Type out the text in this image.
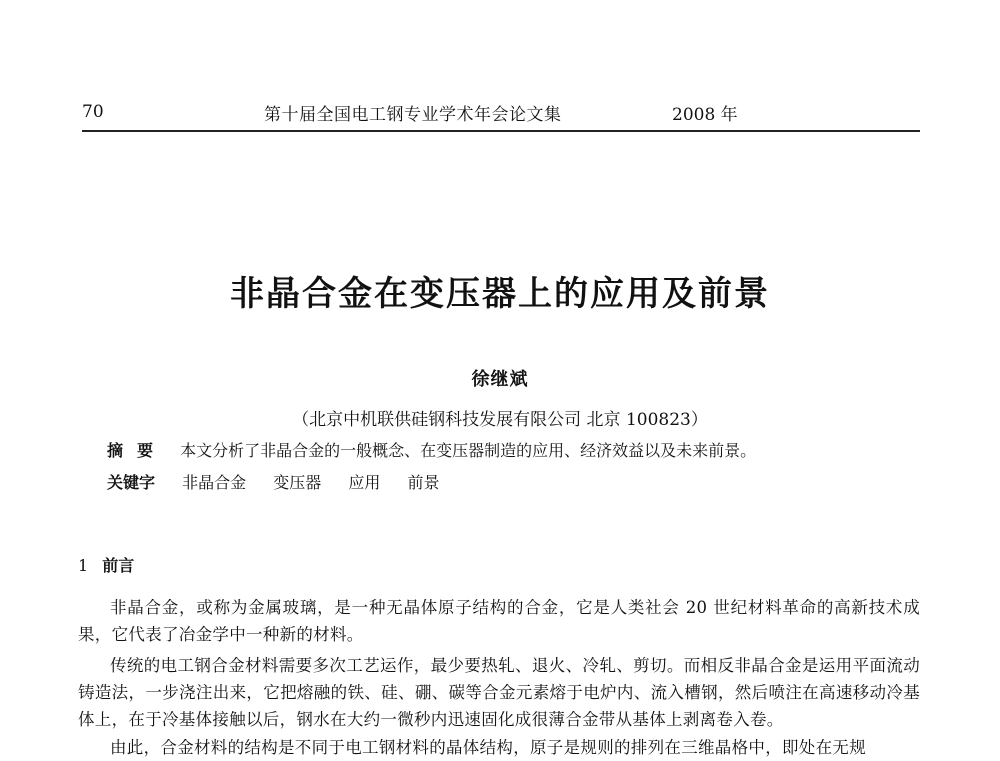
70	第十届全国电工钢专业学术年会论文集	2008 年
非晶合金在变压器上的应用及前景
徐继斌
（北京中机联供硅钢科技发展有限公司 北京 100823）
摘要 本文分析了非晶合金的一般概念、在变压器制造的应用、经济效益以及未来前景。
关键字 非晶合金 变压器 应用 前景
1 前言
非晶合金，或称为金属玻璃，是一种无晶体原子结构的合金，它是人类社会 20 世纪材料革命的高新技术成果，它代表了冶金学中一种新的材料。
传统的电工钢合金材料需要多次工艺运作，最少要热轧、退火、冷轧、剪切。而相反非晶合金是运用平面流动铸造法，一步浇注出来，它把熔融的铁、硅、硼、碳等合金元素熔于电炉内、流入槽钢，然后喷注在高速移动冷基体上，在于冷基体接触以后，钢水在大约一微秒内迅速固化成很薄合金带从基体上剥离卷入卷。
由此，合金材料的结构是不同于电工钢材料的晶体结构，原子是规则的排列在三维晶格中，即处在无规
